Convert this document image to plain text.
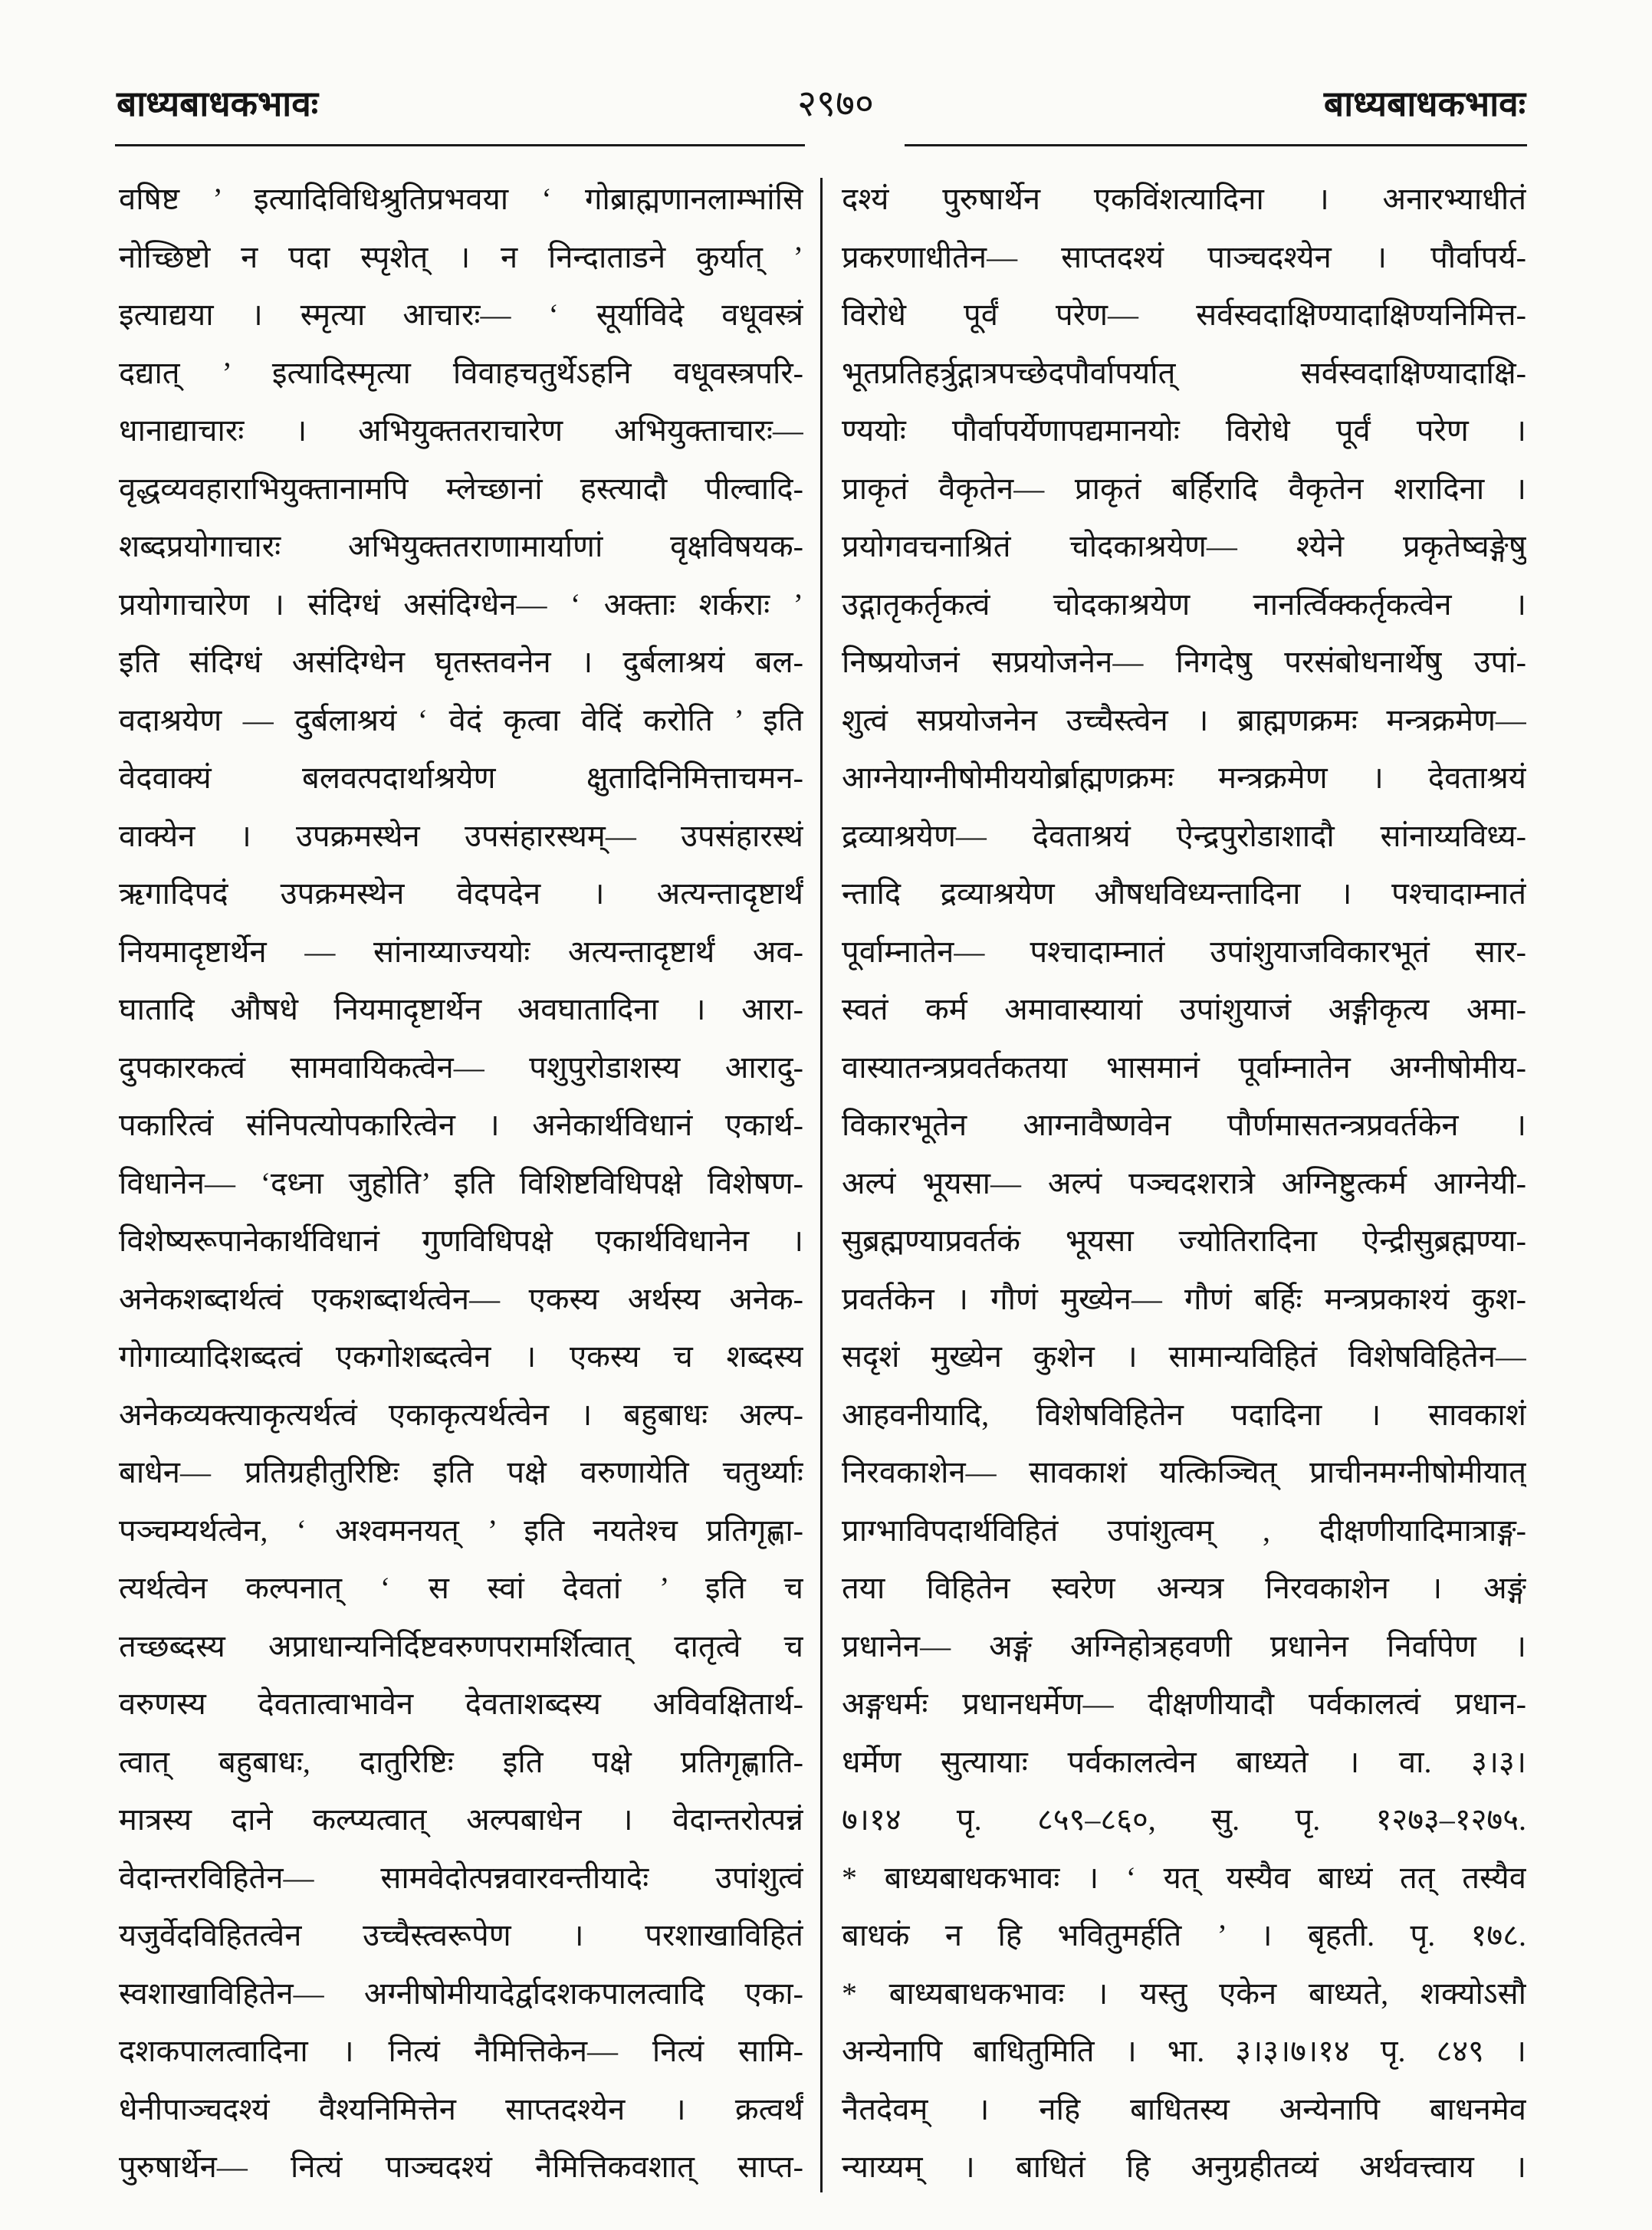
बाध्यबाधकभावः	२९७०	बाध्यबाधकभावः
वषिष्ट ’ इत्यादिविधिश्रुतिप्रभवया ‘ गोब्राह्मणानलाम्भांसि
नोच्छिष्टो न पदा स्पृशेत् । न निन्दाताडने कुर्यात् ’
इत्याद्यया । स्मृत्या आचारः— ‘ सूर्याविदे वधूवस्त्रं
दद्यात् ’ इत्यादिस्मृत्या विवाहचतुर्थेऽहनि वधूवस्त्रपरि-
धानाद्याचारः । अभियुक्ततराचारेण अभियुक्ताचारः—
वृद्धव्यवहाराभियुक्तानामपि म्लेच्छानां हस्त्यादौ पील्वादि-
शब्दप्रयोगाचारः अभियुक्ततराणामार्याणां वृक्षविषयक-
प्रयोगाचारेण । संदिग्धं असंदिग्धेन— ‘ अक्ताः शर्कराः ’
इति संदिग्धं असंदिग्धेन घृतस्तवनेन । दुर्बलाश्रयं बल-
वदाश्रयेण — दुर्बलाश्रयं ‘ वेदं कृत्वा वेदिं करोति ’ इति
वेदवाक्यं बलवत्पदार्थाश्रयेण क्षुतादिनिमित्ताचमन-
वाक्येन । उपक्रमस्थेन उपसंहारस्थम्— उपसंहारस्थं
ऋगादिपदं उपक्रमस्थेन वेदपदेन । अत्यन्तादृष्टार्थं
नियमादृष्टार्थेन — सांनाय्याज्ययोः अत्यन्तादृष्टार्थं अव-
घातादि औषधे नियमादृष्टार्थेन अवघातादिना । आरा-
दुपकारकत्वं सामवायिकत्वेन— पशुपुरोडाशस्य आरादु-
पकारित्वं संनिपत्योपकारित्वेन । अनेकार्थविधानं एकार्थ-
विधानेन— ‘दध्ना जुहोति’ इति विशिष्टविधिपक्षे विशेषण-
विशेष्यरूपानेकार्थविधानं गुणविधिपक्षे एकार्थविधानेन ।
अनेकशब्दार्थत्वं एकशब्दार्थत्वेन— एकस्य अर्थस्य अनेक-
गोगाव्यादिशब्दत्वं एकगोशब्दत्वेन । एकस्य च शब्दस्य
अनेकव्यक्त्याकृत्यर्थत्वं एकाकृत्यर्थत्वेन । बहुबाधः अल्प-
बाधेन— प्रतिग्रहीतुरिष्टिः इति पक्षे वरुणायेति चतुर्थ्याः
पञ्चम्यर्थत्वेन, ‘ अश्वमनयत् ’ इति नयतेश्च प्रतिगृह्णा-
त्यर्थत्वेन कल्पनात् ‘ स स्वां देवतां ’ इति च
तच्छब्दस्य अप्राधान्यनिर्दिष्टवरुणपरामर्शित्वात् दातृत्वे च
वरुणस्य देवतात्वाभावेन देवताशब्दस्य अविवक्षितार्थ-
त्वात् बहुबाधः, दातुरिष्टिः इति पक्षे प्रतिगृह्णाति-
मात्रस्य दाने कल्प्यत्वात् अल्पबाधेन । वेदान्तरोत्पन्नं
वेदान्तरविहितेन— सामवेदोत्पन्नवारवन्तीयादेः उपांशुत्वं
यजुर्वेदविहितत्वेन उच्चैस्त्वरूपेण । परशाखाविहितं
स्वशाखाविहितेन— अग्नीषोमीयादेर्द्वादशकपालत्वादि एका-
दशकपालत्वादिना । नित्यं नैमित्तिकेन— नित्यं सामि-
धेनीपाञ्चदश्यं वैश्यनिमित्तेन साप्तदश्येन । क्रत्वर्थं
पुरुषार्थेन— नित्यं पाञ्चदश्यं नैमित्तिकवशात् साप्त-
दश्यं पुरुषार्थेन एकविंशत्यादिना । अनारभ्याधीतं
प्रकरणाधीतेन— साप्तदश्यं पाञ्चदश्येन । पौर्वापर्य-
विरोधे पूर्वं परेण— सर्वस्वदाक्षिण्यादाक्षिण्यनिमित्त-
भूतप्रतिहर्त्रुद्गात्रपच्छेदपौर्वापर्यात् सर्वस्वदाक्षिण्यादाक्षि-
ण्ययोः पौर्वापर्येणापद्यमानयोः विरोधे पूर्वं परेण ।
प्राकृतं वैकृतेन— प्राकृतं बर्हिरादि वैकृतेन शरादिना ।
प्रयोगवचनाश्रितं चोदकाश्रयेण— श्येने प्रकृतेष्वङ्गेषु
उद्गातृकर्तृकत्वं चोदकाश्रयेण नानर्त्विक्कर्तृकत्वेन ।
निष्प्रयोजनं सप्रयोजनेन— निगदेषु परसंबोधनार्थेषु उपां-
शुत्वं सप्रयोजनेन उच्चैस्त्वेन । ब्राह्मणक्रमः मन्त्रक्रमेण—
आग्नेयाग्नीषोमीययोर्ब्राह्मणक्रमः मन्त्रक्रमेण । देवताश्रयं
द्रव्याश्रयेण— देवताश्रयं ऐन्द्रपुरोडाशादौ सांनाय्यविध्य-
न्तादि द्रव्याश्रयेण औषधविध्यन्तादिना । पश्चादाम्नातं
पूर्वाम्नातेन— पश्चादाम्नातं उपांशुयाजविकारभूतं सार-
स्वतं कर्म अमावास्यायां उपांशुयाजं अङ्गीकृत्य अमा-
वास्यातन्त्रप्रवर्तकतया भासमानं पूर्वाम्नातेन अग्नीषोमीय-
विकारभूतेन आग्नावैष्णवेन पौर्णमासतन्त्रप्रवर्तकेन ।
अल्पं भूयसा— अल्पं पञ्चदशरात्रे अग्निष्टुत्कर्म आग्नेयी-
सुब्रह्मण्याप्रवर्तकं भूयसा ज्योतिरादिना ऐन्द्रीसुब्रह्मण्या-
प्रवर्तकेन । गौणं मुख्येन— गौणं बर्हिः मन्त्रप्रकाश्यं कुश-
सदृशं मुख्येन कुशेन । सामान्यविहितं विशेषविहितेन—
आहवनीयादि, विशेषविहितेन पदादिना । सावकाशं
निरवकाशेन— सावकाशं यत्किञ्चित् प्राचीनमग्नीषोमीयात्
प्राग्भाविपदार्थविहितं उपांशुत्वम् , दीक्षणीयादिमात्राङ्ग-
तया विहितेन स्वरेण अन्यत्र निरवकाशेन । अङ्गं
प्रधानेन— अङ्गं अग्निहोत्रहवणी प्रधानेन निर्वापेण ।
अङ्गधर्मः प्रधानधर्मेण— दीक्षणीयादौ पर्वकालत्वं प्रधान-
धर्मेण सुत्यायाः पर्वकालत्वेन बाध्यते । वा. ३।३।
७।१४ पृ. ८५९–८६०, सु. पृ. १२७३–१२७५.
* बाध्यबाधकभावः । ‘ यत् यस्यैव बाध्यं तत् तस्यैव
बाधकं न हि भवितुमर्हति ’ । बृहती. पृ. १७८.
* बाध्यबाधकभावः । यस्तु एकेन बाध्यते, शक्योऽसौ
अन्येनापि बाधितुमिति । भा. ३।३।७।१४ पृ. ८४९ ।
नैतदेवम् । नहि बाधितस्य अन्येनापि बाधनमेव
न्याय्यम् । बाधितं हि अनुग्रहीतव्यं अर्थवत्त्वाय ।
